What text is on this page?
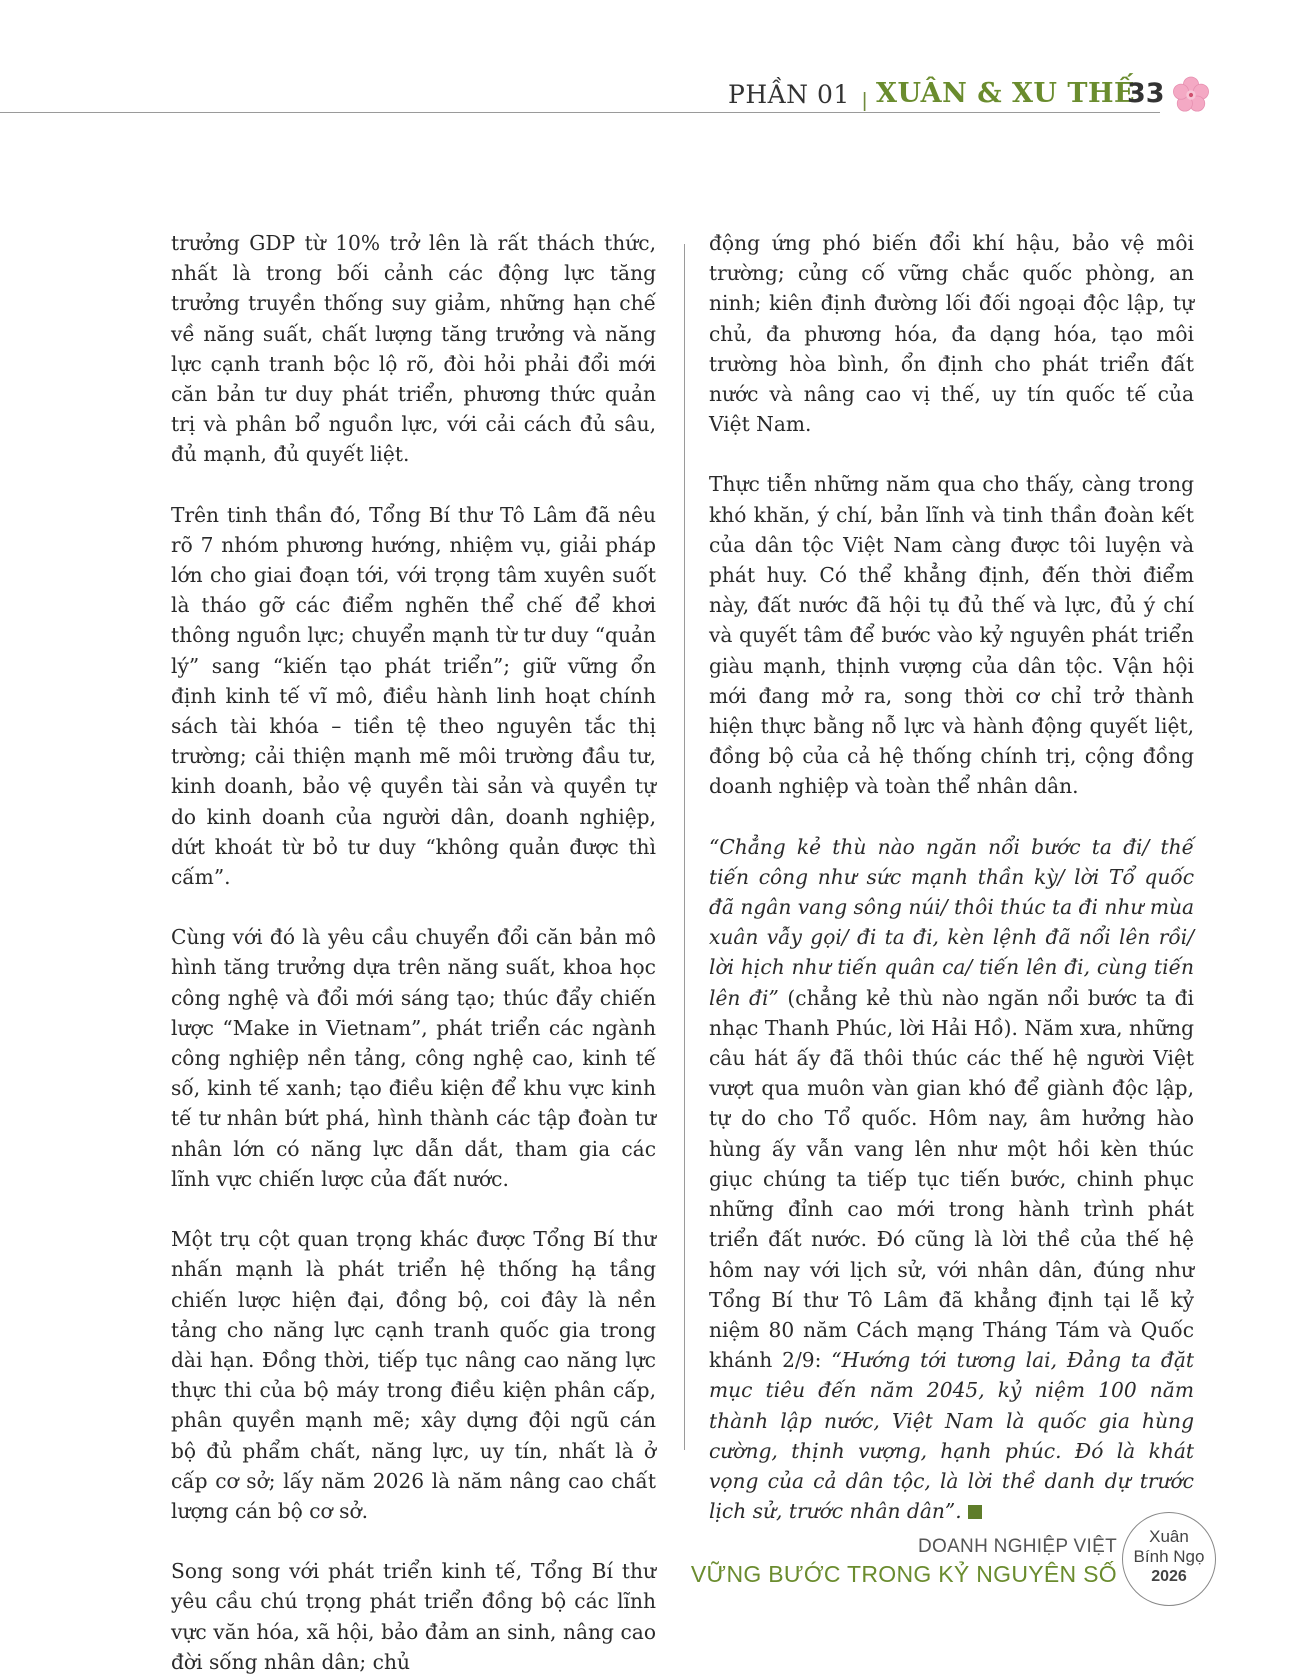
PHẦN 01 | XUÂN & XU THẾ
33

trưởng GDP từ 10% trở lên là rất thách thức, nhất là trong bối cảnh các động lực tăng trưởng truyền thống suy giảm, những hạn chế về năng suất, chất lượng tăng trưởng và năng lực cạnh tranh bộc lộ rõ, đòi hỏi phải đổi mới căn bản tư duy phát triển, phương thức quản trị và phân bổ nguồn lực, với cải cách đủ sâu, đủ mạnh, đủ quyết liệt.

Trên tinh thần đó, Tổng Bí thư Tô Lâm đã nêu rõ 7 nhóm phương hướng, nhiệm vụ, giải pháp lớn cho giai đoạn tới, với trọng tâm xuyên suốt là tháo gỡ các điểm nghẽn thể chế để khơi thông nguồn lực; chuyển mạnh từ tư duy “quản lý” sang “kiến tạo phát triển”; giữ vững ổn định kinh tế vĩ mô, điều hành linh hoạt chính sách tài khóa – tiền tệ theo nguyên tắc thị trường; cải thiện mạnh mẽ môi trường đầu tư, kinh doanh, bảo vệ quyền tài sản và quyền tự do kinh doanh của người dân, doanh nghiệp, dứt khoát từ bỏ tư duy “không quản được thì cấm”.

Cùng với đó là yêu cầu chuyển đổi căn bản mô hình tăng trưởng dựa trên năng suất, khoa học công nghệ và đổi mới sáng tạo; thúc đẩy chiến lược “Make in Vietnam”, phát triển các ngành công nghiệp nền tảng, công nghệ cao, kinh tế số, kinh tế xanh; tạo điều kiện để khu vực kinh tế tư nhân bứt phá, hình thành các tập đoàn tư nhân lớn có năng lực dẫn dắt, tham gia các lĩnh vực chiến lược của đất nước.

Một trụ cột quan trọng khác được Tổng Bí thư nhấn mạnh là phát triển hệ thống hạ tầng chiến lược hiện đại, đồng bộ, coi đây là nền tảng cho năng lực cạnh tranh quốc gia trong dài hạn. Đồng thời, tiếp tục nâng cao năng lực thực thi của bộ máy trong điều kiện phân cấp, phân quyền mạnh mẽ; xây dựng đội ngũ cán bộ đủ phẩm chất, năng lực, uy tín, nhất là ở cấp cơ sở; lấy năm 2026 là năm nâng cao chất lượng cán bộ cơ sở.

Song song với phát triển kinh tế, Tổng Bí thư yêu cầu chú trọng phát triển đồng bộ các lĩnh vực văn hóa, xã hội, bảo đảm an sinh, nâng cao đời sống nhân dân; chủ

động ứng phó biến đổi khí hậu, bảo vệ môi trường; củng cố vững chắc quốc phòng, an ninh; kiên định đường lối đối ngoại độc lập, tự chủ, đa phương hóa, đa dạng hóa, tạo môi trường hòa bình, ổn định cho phát triển đất nước và nâng cao vị thế, uy tín quốc tế của Việt Nam.

Thực tiễn những năm qua cho thấy, càng trong khó khăn, ý chí, bản lĩnh và tinh thần đoàn kết của dân tộc Việt Nam càng được tôi luyện và phát huy. Có thể khẳng định, đến thời điểm này, đất nước đã hội tụ đủ thế và lực, đủ ý chí và quyết tâm để bước vào kỷ nguyên phát triển giàu mạnh, thịnh vượng của dân tộc. Vận hội mới đang mở ra, song thời cơ chỉ trở thành hiện thực bằng nỗ lực và hành động quyết liệt, đồng bộ của cả hệ thống chính trị, cộng đồng doanh nghiệp và toàn thể nhân dân.

“Chẳng kẻ thù nào ngăn nổi bước ta đi/ thế tiến công như sức mạnh thần kỳ/ lời Tổ quốc đã ngân vang sông núi/ thôi thúc ta đi như mùa xuân vẫy gọi/ đi ta đi, kèn lệnh đã nổi lên rồi/ lời hịch như tiến quân ca/ tiến lên đi, cùng tiến lên đi” (chẳng kẻ thù nào ngăn nổi bước ta đi nhạc Thanh Phúc, lời Hải Hồ). Năm xưa, những câu hát ấy đã thôi thúc các thế hệ người Việt vượt qua muôn vàn gian khó để giành độc lập, tự do cho Tổ quốc. Hôm nay, âm hưởng hào hùng ấy vẫn vang lên như một hồi kèn thúc giục chúng ta tiếp tục tiến bước, chinh phục những đỉnh cao mới trong hành trình phát triển đất nước. Đó cũng là lời thề của thế hệ hôm nay với lịch sử, với nhân dân, đúng như Tổng Bí thư Tô Lâm đã khẳng định tại lễ kỷ niệm 80 năm Cách mạng Tháng Tám và Quốc khánh 2/9: “Hướng tới tương lai, Đảng ta đặt mục tiêu đến năm 2045, kỷ niệm 100 năm thành lập nước, Việt Nam là quốc gia hùng cường, thịnh vượng, hạnh phúc. Đó là khát vọng của cả dân tộc, là lời thề danh dự trước lịch sử, trước nhân dân”.

DOANH NGHIỆP VIỆT
VỮNG BƯỚC TRONG KỶ NGUYÊN SỐ
Xuân
Bính Ngọ
2026
